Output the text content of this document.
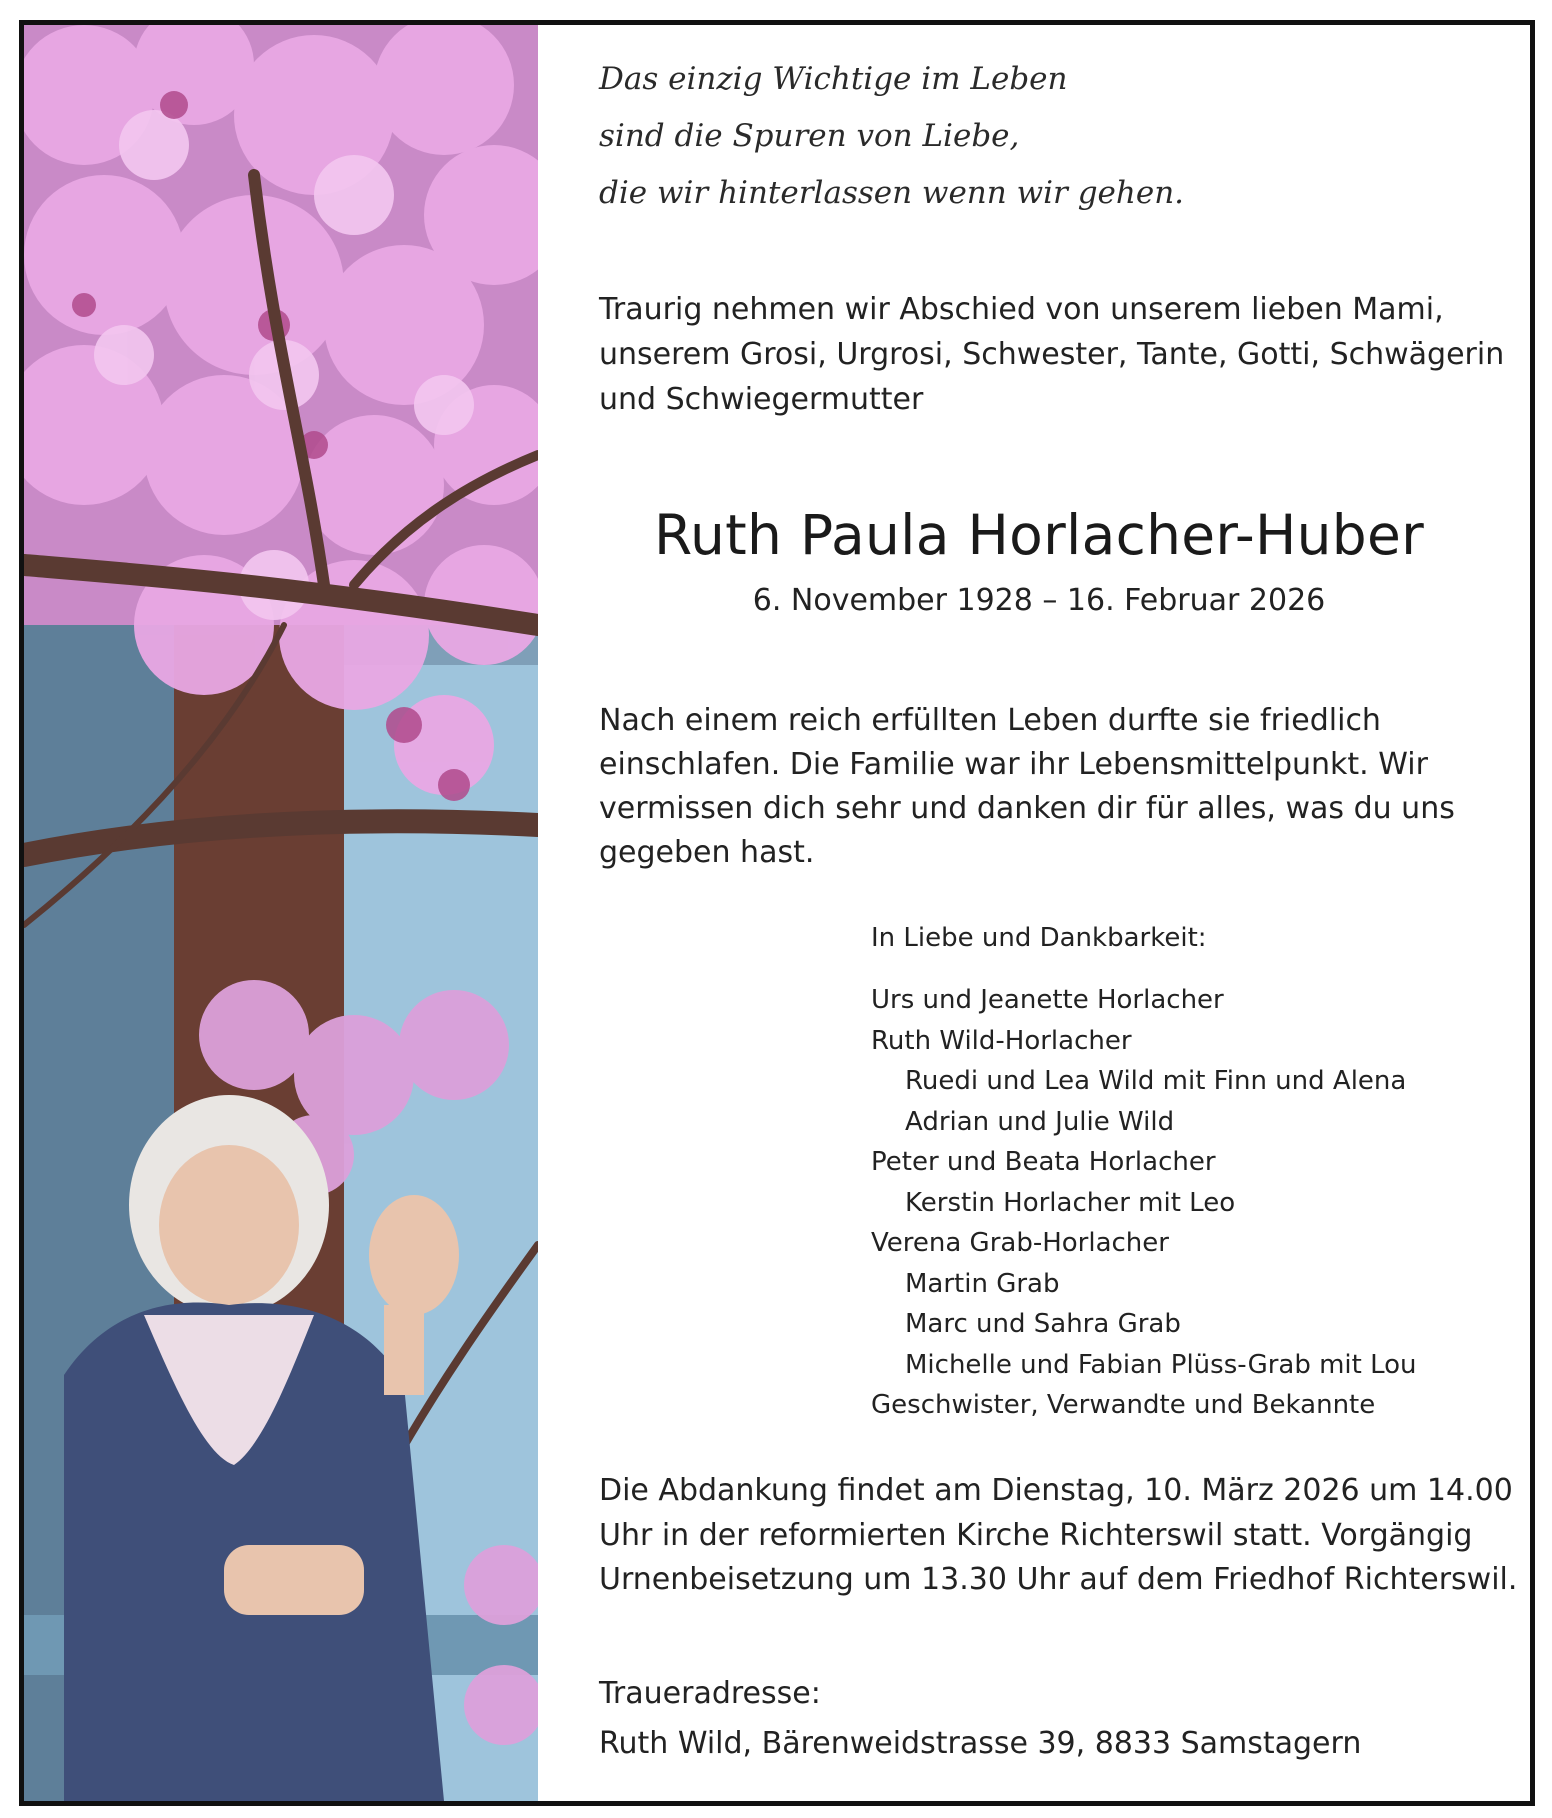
Das einzig Wichtige im Leben
sind die Spuren von Liebe,
die wir hinterlassen wenn wir gehen.
Traurig nehmen wir Abschied von unserem lieben Mami, unserem Grosi, Urgrosi, Schwester, Tante, Gotti, Schwägerin und Schwiegermutter
Ruth Paula Horlacher-Huber
6. November 1928 – 16. Februar 2026
Nach einem reich erfüllten Leben durfte sie friedlich einschlafen. Die Familie war ihr Lebensmittelpunkt. Wir vermissen dich sehr und danken dir für alles, was du uns gegeben hast.
In Liebe und Dankbarkeit:
Urs und Jeanette Horlacher
Ruth Wild-Horlacher
Ruedi und Lea Wild mit Finn und Alena
Adrian und Julie Wild
Peter und Beata Horlacher
Kerstin Horlacher mit Leo
Verena Grab-Horlacher
Martin Grab
Marc und Sahra Grab
Michelle und Fabian Plüss-Grab mit Lou
Geschwister, Verwandte und Bekannte
Die Abdankung findet am Dienstag, 10. März 2026 um 14.00 Uhr in der reformierten Kirche Richterswil statt. Vorgängig Urnenbeisetzung um 13.30 Uhr auf dem Friedhof Richterswil.
Traueradresse:
Ruth Wild, Bärenweidstrasse 39, 8833 Samstagern
